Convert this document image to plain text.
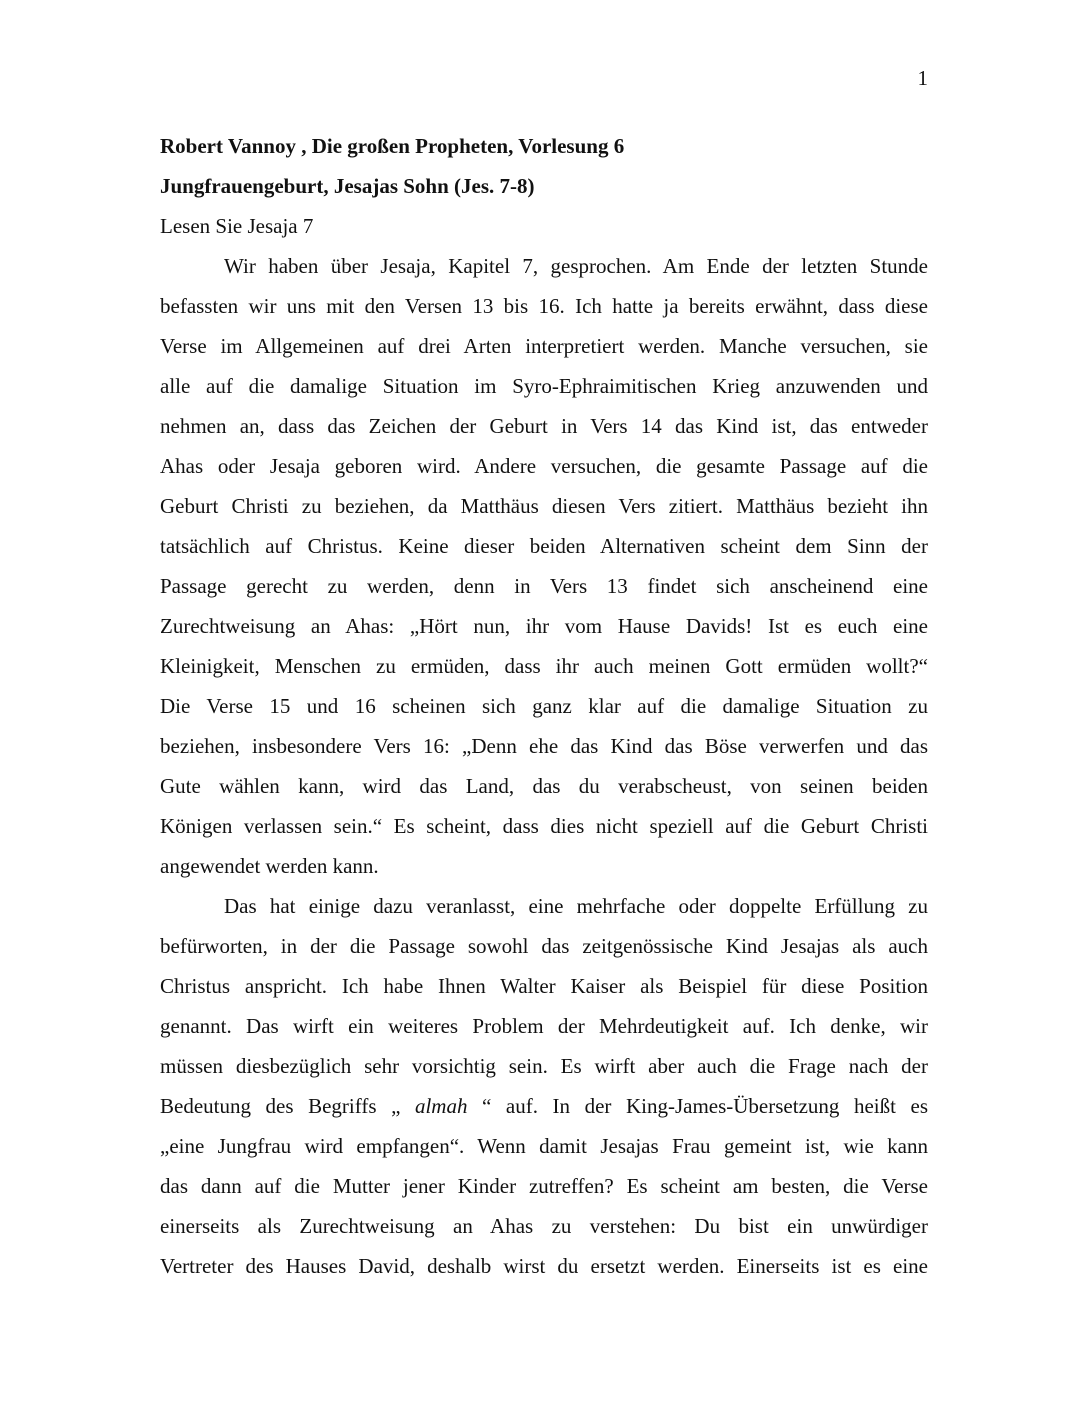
1

Robert Vannoy , Die großen Propheten, Vorlesung 6

Jungfrauengeburt, Jesajas Sohn (Jes. 7-8)

Lesen Sie Jesaja 7

Wir haben über Jesaja, Kapitel 7, gesprochen. Am Ende der letzten Stunde
befassten wir uns mit den Versen 13 bis 16. Ich hatte ja bereits erwähnt, dass diese
Verse im Allgemeinen auf drei Arten interpretiert werden. Manche versuchen, sie
alle auf die damalige Situation im Syro-Ephraimitischen Krieg anzuwenden und
nehmen an, dass das Zeichen der Geburt in Vers 14 das Kind ist, das entweder
Ahas oder Jesaja geboren wird. Andere versuchen, die gesamte Passage auf die
Geburt Christi zu beziehen, da Matthäus diesen Vers zitiert. Matthäus bezieht ihn
tatsächlich auf Christus. Keine dieser beiden Alternativen scheint dem Sinn der
Passage gerecht zu werden, denn in Vers 13 findet sich anscheinend eine
Zurechtweisung an Ahas: „Hört nun, ihr vom Hause Davids! Ist es euch eine
Kleinigkeit, Menschen zu ermüden, dass ihr auch meinen Gott ermüden wollt?“
Die Verse 15 und 16 scheinen sich ganz klar auf die damalige Situation zu
beziehen, insbesondere Vers 16: „Denn ehe das Kind das Böse verwerfen und das
Gute wählen kann, wird das Land, das du verabscheust, von seinen beiden
Königen verlassen sein.“ Es scheint, dass dies nicht speziell auf die Geburt Christi
angewendet werden kann.
Das hat einige dazu veranlasst, eine mehrfache oder doppelte Erfüllung zu
befürworten, in der die Passage sowohl das zeitgenössische Kind Jesajas als auch
Christus anspricht. Ich habe Ihnen Walter Kaiser als Beispiel für diese Position
genannt. Das wirft ein weiteres Problem der Mehrdeutigkeit auf. Ich denke, wir
müssen diesbezüglich sehr vorsichtig sein. Es wirft aber auch die Frage nach der
Bedeutung des Begriffs „ almah “ auf. In der King-James-Übersetzung heißt es
„eine Jungfrau wird empfangen“. Wenn damit Jesajas Frau gemeint ist, wie kann
das dann auf die Mutter jener Kinder zutreffen? Es scheint am besten, die Verse
einerseits als Zurechtweisung an Ahas zu verstehen: Du bist ein unwürdiger
Vertreter des Hauses David, deshalb wirst du ersetzt werden. Einerseits ist es eine
